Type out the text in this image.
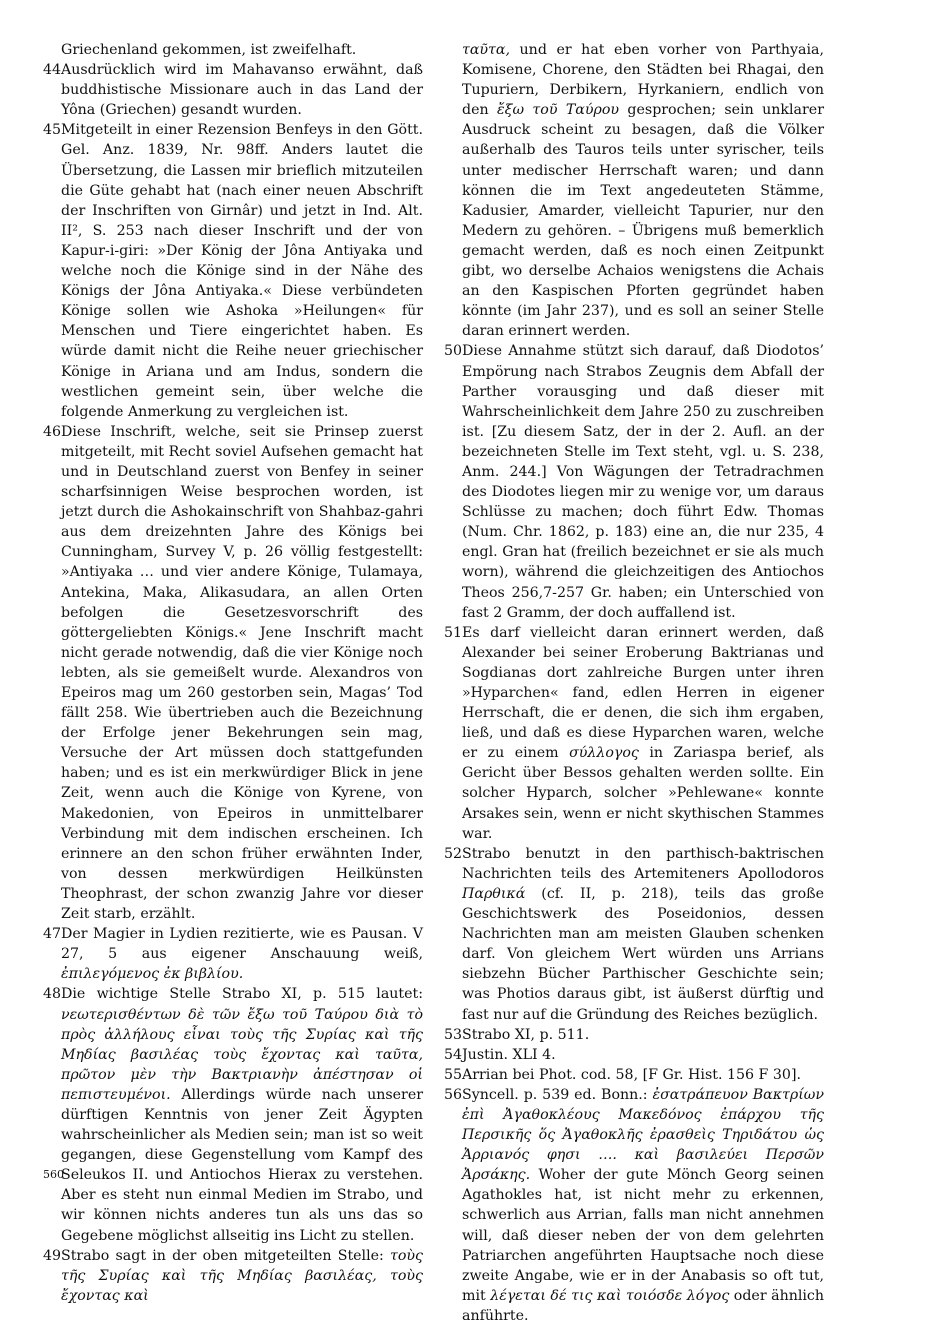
Griechenland gekommen, ist zweifelhaft.

44Ausdrücklich wird im Mahavanso erwähnt, daß buddhistische Missionare auch in das Land der Yôna (Griechen) gesandt wurden.

45Mitgeteilt in einer Rezension Benfeys in den Gött. Gel. Anz. 1839, Nr. 98ff. Anders lautet die Übersetzung, die Lassen mir brieflich mitzuteilen die Güte gehabt hat (nach einer neuen Abschrift der Inschriften von Girnâr) und jetzt in Ind. Alt. II², S. 253 nach dieser Inschrift und der von Kapur-i-giri: »Der König der Jôna Antiyaka und welche noch die Könige sind in der Nähe des Königs der Jôna Antiyaka.« Diese verbündeten Könige sollen wie Ashoka »Heilungen« für Menschen und Tiere eingerichtet haben. Es würde damit nicht die Reihe neuer griechischer Könige in Ariana und am Indus, sondern die westlichen gemeint sein, über welche die folgende Anmerkung zu vergleichen ist.

46Diese Inschrift, welche, seit sie Prinsep zuerst mitgeteilt, mit Recht soviel Aufsehen gemacht hat und in Deutschland zuerst von Benfey in seiner scharfsinnigen Weise besprochen worden, ist jetzt durch die Ashokainschrift von Shahbaz-gahri aus dem dreizehnten Jahre des Königs bei Cunningham, Survey V, p. 26 völlig festgestellt: »Antiyaka … und vier andere Könige, Tulamaya, Antekina, Maka, Alikasudara, an allen Orten befolgen die Gesetzesvorschrift des göttergeliebten Königs.« Jene Inschrift macht nicht gerade notwendig, daß die vier Könige noch lebten, als sie gemeißelt wurde. Alexandros von Epeiros mag um 260 gestorben sein, Magas’ Tod fällt 258. Wie übertrieben auch die Bezeichnung der Erfolge jener Bekehrungen sein mag, Versuche der Art müssen doch stattgefunden haben; und es ist ein merkwürdiger Blick in jene Zeit, wenn auch die Könige von Kyrene, von Makedonien, von Epeiros in unmittelbarer Verbindung mit dem indischen erscheinen. Ich erinnere an den schon früher erwähnten Inder, von dessen merkwürdigen Heilkünsten Theophrast, der schon zwanzig Jahre vor dieser Zeit starb, erzählt.

47Der Magier in Lydien rezitierte, wie es Pausan. V 27, 5 aus eigener Anschauung weiß, ἐπιλεγόμενος ἐκ βιβλίου.

48Die wichtige Stelle Strabo XI, p. 515 lautet: νεωτερισθέντων δὲ τῶν ἔξω τοῦ Ταύρου διὰ τὸ πρὸς ἀλλήλους εἶναι τοὺς τῆς Συρίας καὶ τῆς Μηδίας βασιλέας τοὺς ἔχοντας καὶ ταῦτα, πρῶτον μὲν τὴν Βακτριανὴν ἀπέστησαν οἱ πεπιστευμένοι. Allerdings würde nach unserer dürftigen Kenntnis von jener Zeit Ägypten wahrscheinlicher als Medien sein; man ist so weit gegangen, diese Gegenstellung vom Kampf des Seleukos II. und Antiochos Hierax zu verstehen. Aber es steht nun einmal Medien im Strabo, und wir können nichts anderes tun als uns das so Gegebene möglichst allseitig ins Licht zu stellen.

49Strabo sagt in der oben mitgeteilten Stelle: τοὺς τῆς Συρίας καὶ τῆς Μηδίας βασιλέας, τοὺς ἔχοντας καὶ

ταῦτα, und er hat eben vorher von Parthyaia, Komisene, Chorene, den Städten bei Rhagai, den Tupuriern, Derbikern, Hyrkaniern, endlich von den ἔξω τοῦ Ταύρου gesprochen; sein unklarer Ausdruck scheint zu besagen, daß die Völker außerhalb des Tauros teils unter syrischer, teils unter medischer Herrschaft waren; und dann können die im Text angedeuteten Stämme, Kadusier, Amarder, vielleicht Tapurier, nur den Medern zu gehören. – Übrigens muß bemerklich gemacht werden, daß es noch einen Zeitpunkt gibt, wo derselbe Achaios wenigstens die Achais an den Kaspischen Pforten gegründet haben könnte (im Jahr 237), und es soll an seiner Stelle daran erinnert werden.

50Diese Annahme stützt sich darauf, daß Diodotos’ Empörung nach Strabos Zeugnis dem Abfall der Parther vorausging und daß dieser mit Wahrscheinlichkeit dem Jahre 250 zu zuschreiben ist. [Zu diesem Satz, der in der 2. Aufl. an der bezeichneten Stelle im Text steht, vgl. u. S. 238, Anm. 244.] Von Wägungen der Tetradrachmen des Diodotes liegen mir zu wenige vor, um daraus Schlüsse zu machen; doch führt Edw. Thomas (Num. Chr. 1862, p. 183) eine an, die nur 235, 4 engl. Gran hat (freilich bezeichnet er sie als much worn), während die gleichzeitigen des Antiochos Theos 256,7-257 Gr. haben; ein Unterschied von fast 2 Gramm, der doch auffallend ist.

51Es darf vielleicht daran erinnert werden, daß Alexander bei seiner Eroberung Baktrianas und Sogdianas dort zahlreiche Burgen unter ihren »Hyparchen« fand, edlen Herren in eigener Herrschaft, die er denen, die sich ihm ergaben, ließ, und daß es diese Hyparchen waren, welche er zu einem σύλλογος in Zariaspa berief, als Gericht über Bessos gehalten werden sollte. Ein solcher Hyparch, solcher »Pehlewane« konnte Arsakes sein, wenn er nicht skythischen Stammes war.

52Strabo benutzt in den parthisch-baktrischen Nachrichten teils des Artemiteners Apollodoros Παρθικά (cf. II, p. 218), teils das große Geschichtswerk des Poseidonios, dessen Nachrichten man am meisten Glauben schenken darf. Von gleichem Wert würden uns Arrians siebzehn Bücher Parthischer Geschichte sein; was Photios daraus gibt, ist äußerst dürftig und fast nur auf die Gründung des Reiches bezüglich.

53Strabo XI, p. 511.

54Justin. XLI 4.

55Arrian bei Phot. cod. 58, [F Gr. Hist. 156 F 30].

56Syncell. p. 539 ed. Bonn.: ἐσατράπευον Βακτρίων ἐπὶ Ἀγαθοκλέους Μακεδόνος ἐπάρχου τῆς Περσικῆς ὅς Ἀγαθοκλῆς ἐρασθεὶς Τηριδάτου ὡς Ἀρριανός φησι …. καὶ βασιλεύει Περσῶν Ἀρσάκης. Woher der gute Mönch Georg seinen Agathokles hat, ist nicht mehr zu erkennen, schwerlich aus Arrian, falls man nicht annehmen will, daß dieser neben der von dem gelehrten Patriarchen angeführten Hauptsache noch diese zweite Angabe, wie er in der Anabasis so oft tut, mit λέγεται δέ τις καὶ τοιόσδε λόγος oder ähnlich anführte.

560
